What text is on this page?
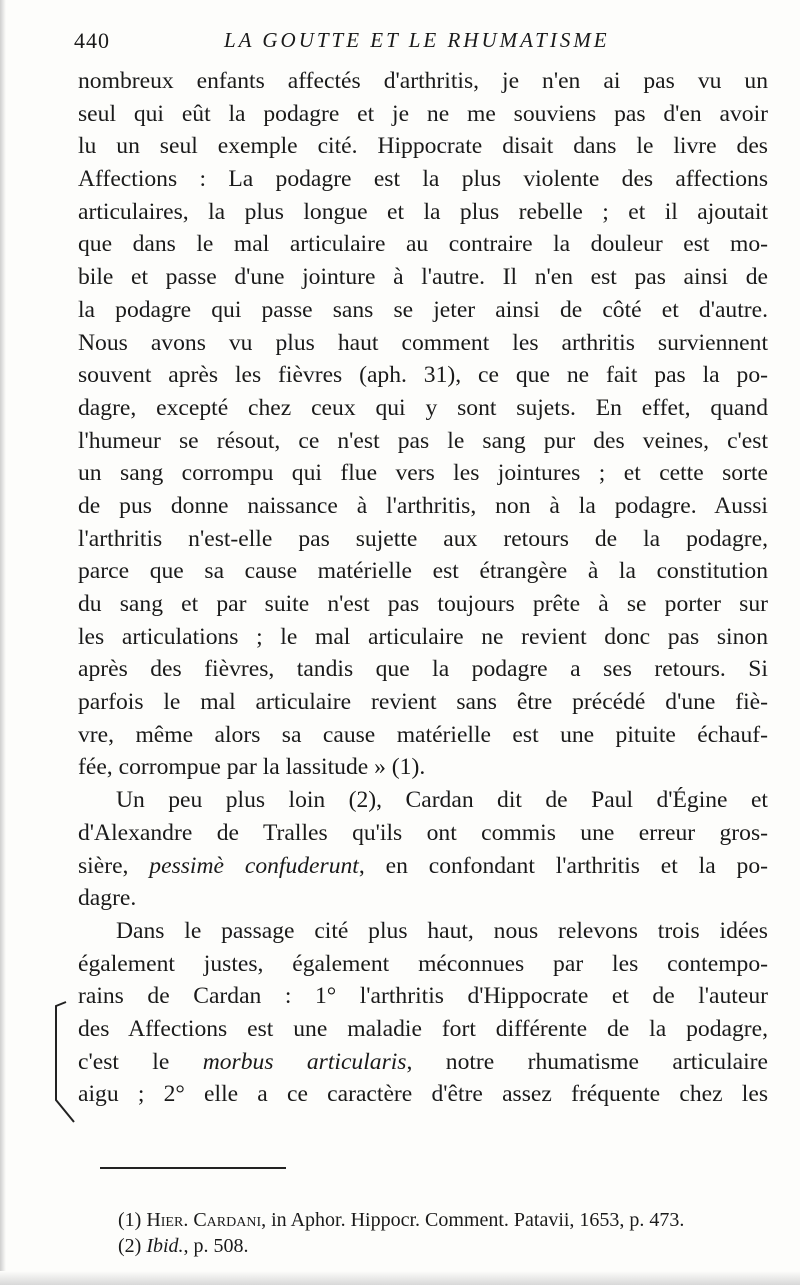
440	LA GOUTTE ET LE RHUMATISME
nombreux enfants affectés d'arthritis, je n'en ai pas vu un
seul qui eût la podagre et je ne me souviens pas d'en avoir
lu un seul exemple cité. Hippocrate disait dans le livre des
Affections : La podagre est la plus violente des affections
articulaires, la plus longue et la plus rebelle ; et il ajoutait
que dans le mal articulaire au contraire la douleur est mo-
bile et passe d'une jointure à l'autre. Il n'en est pas ainsi de
la podagre qui passe sans se jeter ainsi de côté et d'autre.
Nous avons vu plus haut comment les arthritis surviennent
souvent après les fièvres (aph. 31), ce que ne fait pas la po-
dagre, excepté chez ceux qui y sont sujets. En effet, quand
l'humeur se résout, ce n'est pas le sang pur des veines, c'est
un sang corrompu qui flue vers les jointures ; et cette sorte
de pus donne naissance à l'arthritis, non à la podagre. Aussi
l'arthritis n'est-elle pas sujette aux retours de la podagre,
parce que sa cause matérielle est étrangère à la constitution
du sang et par suite n'est pas toujours prête à se porter sur
les articulations ; le mal articulaire ne revient donc pas sinon
après des fièvres, tandis que la podagre a ses retours. Si
parfois le mal articulaire revient sans être précédé d'une fiè-
vre, même alors sa cause matérielle est une pituite échauf-
fée, corrompue par la lassitude » (1).
Un peu plus loin (2), Cardan dit de Paul d'Égine et
d'Alexandre de Tralles qu'ils ont commis une erreur gros-
sière, pessimè confuderunt, en confondant l'arthritis et la po-
dagre.
Dans le passage cité plus haut, nous relevons trois idées
également justes, également méconnues par les contempo-
rains de Cardan : 1° l'arthritis d'Hippocrate et de l'auteur
des Affections est une maladie fort différente de la podagre,
c'est le morbus articularis, notre rhumatisme articulaire
aigu ; 2° elle a ce caractère d'être assez fréquente chez les
(1) Hier. Cardani, in Aphor. Hippocr. Comment. Patavii, 1653, p. 473.
(2) Ibid., p. 508.
